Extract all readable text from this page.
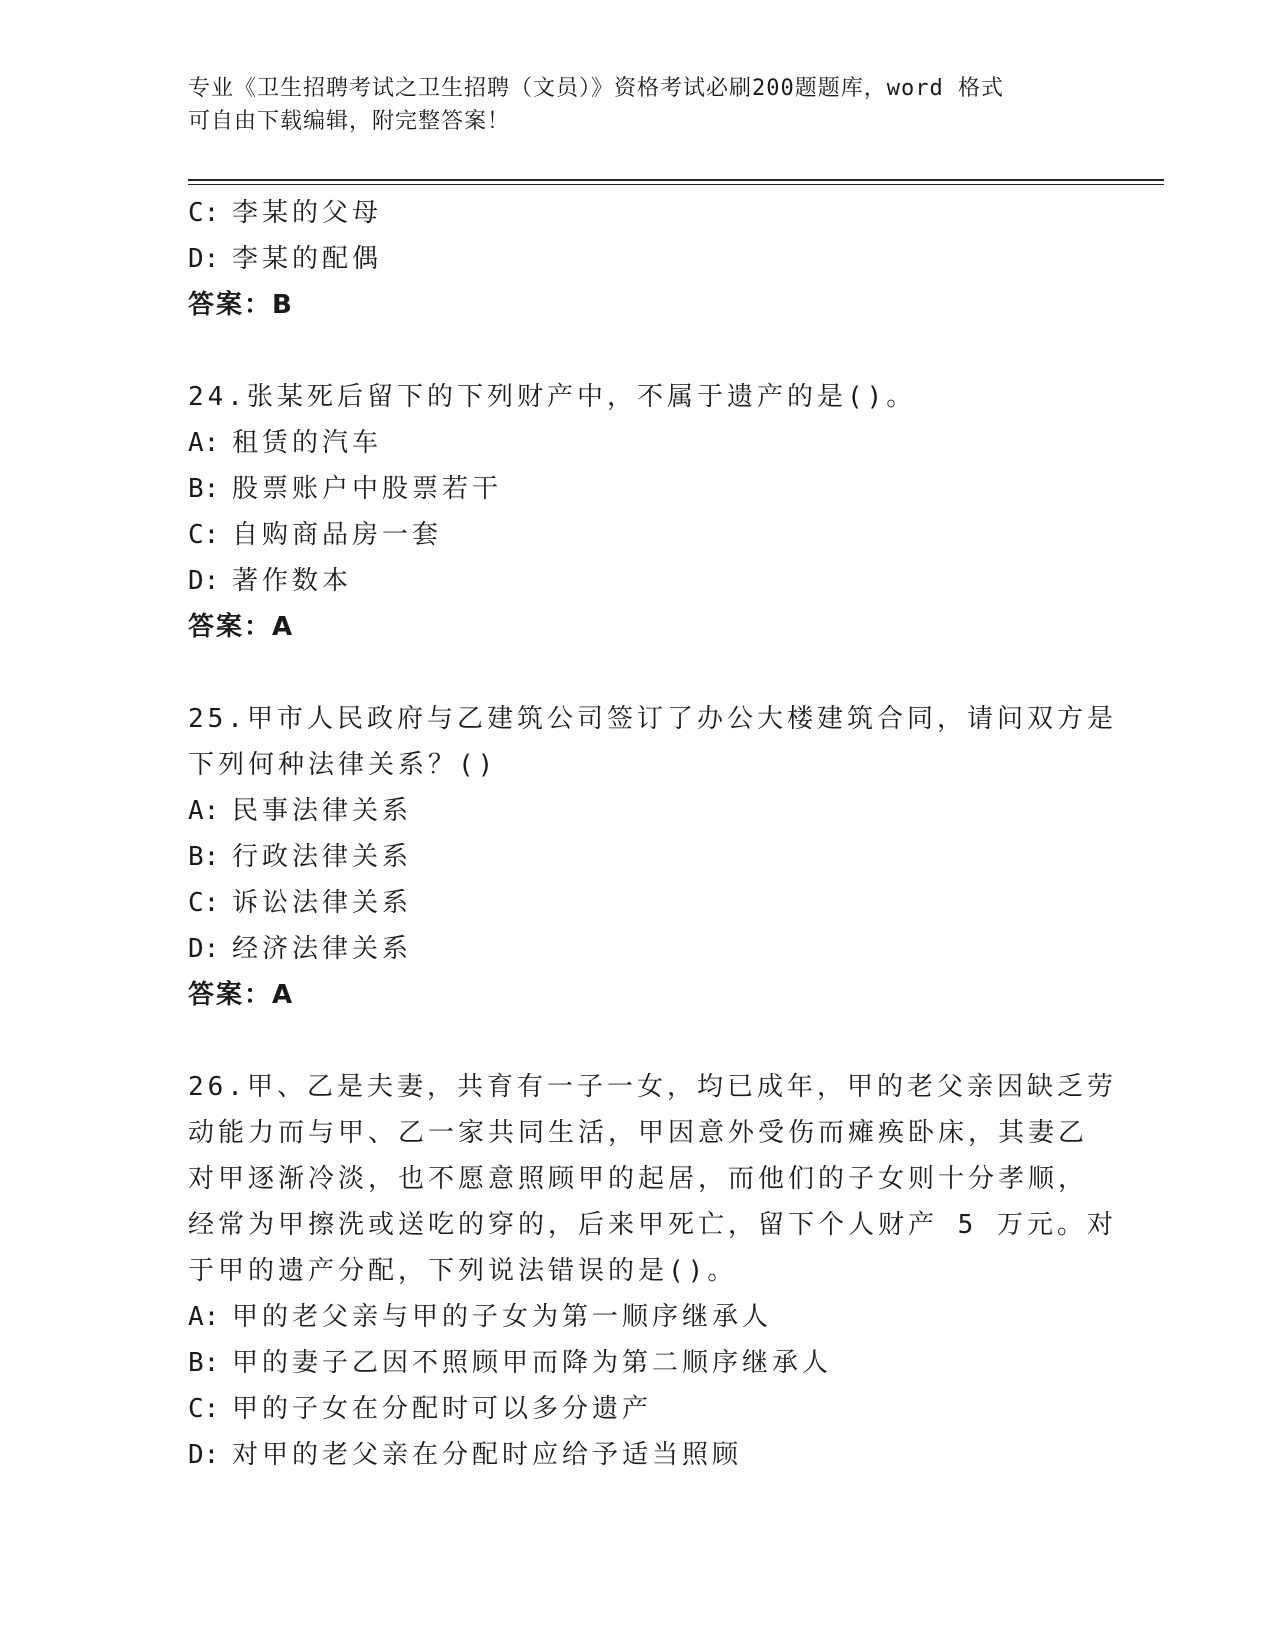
专业《卫生招聘考试之卫生招聘（文员）》资格考试必刷200题题库，word 格式
可自由下载编辑，附完整答案！
C: 李某的父母
D: 李某的配偶
答案：B
24.张某死后留下的下列财产中，不属于遗产的是()。
A: 租赁的汽车
B: 股票账户中股票若干
C: 自购商品房一套
D: 著作数本
答案：A
25.甲市人民政府与乙建筑公司签订了办公大楼建筑合同，请问双方是
下列何种法律关系？()
A: 民事法律关系
B: 行政法律关系
C: 诉讼法律关系
D: 经济法律关系
答案：A
26.甲、乙是夫妻，共育有一子一女，均已成年，甲的老父亲因缺乏劳
动能力而与甲、乙一家共同生活，甲因意外受伤而瘫痪卧床，其妻乙
对甲逐渐冷淡，也不愿意照顾甲的起居，而他们的子女则十分孝顺，
经常为甲擦洗或送吃的穿的，后来甲死亡，留下个人财产 5 万元。对
于甲的遗产分配，下列说法错误的是()。
A: 甲的老父亲与甲的子女为第一顺序继承人
B: 甲的妻子乙因不照顾甲而降为第二顺序继承人
C: 甲的子女在分配时可以多分遗产
D: 对甲的老父亲在分配时应给予适当照顾
